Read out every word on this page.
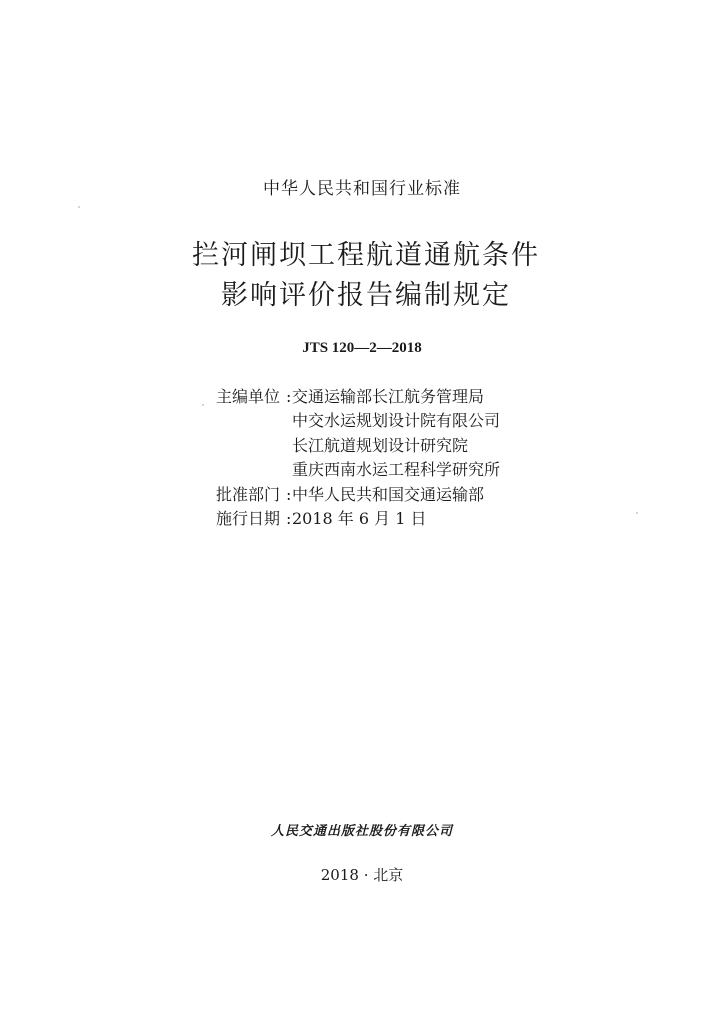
中华人民共和国行业标准
拦河闸坝工程航道通航条件
影响评价报告编制规定
JTS 120—2—2018
主编单位 : 交通运输部长江航务管理局
中交水运规划设计院有限公司
长江航道规划设计研究院
重庆西南水运工程科学研究所
批准部门 : 中华人民共和国交通运输部
施行日期 : 2018 年 6 月 1 日
人民交通出版社股份有限公司
2018 · 北京
